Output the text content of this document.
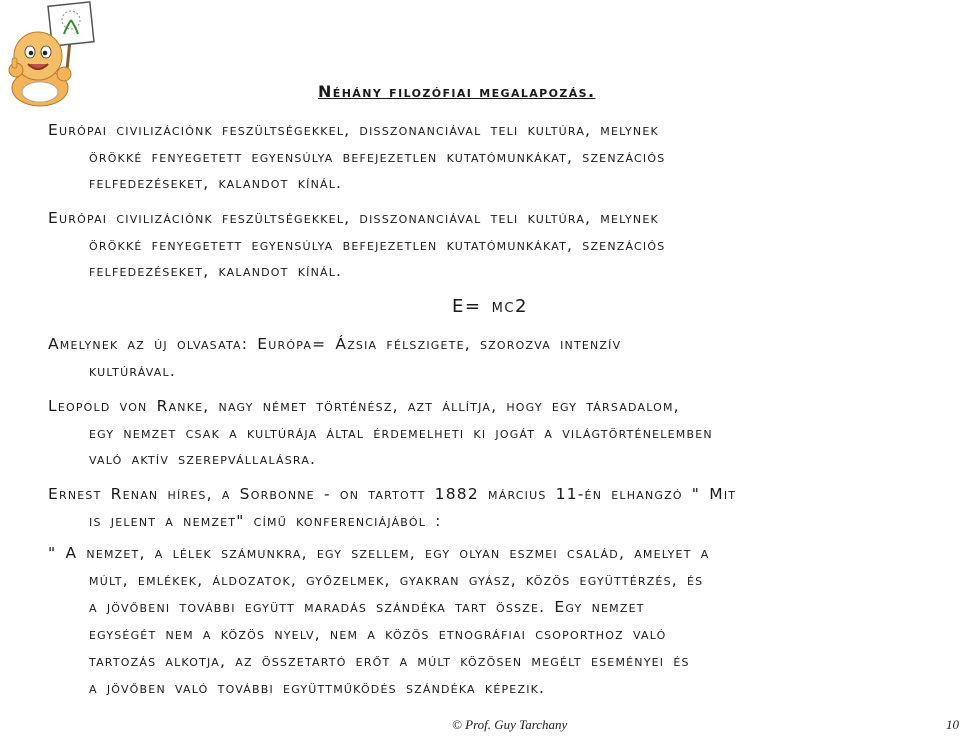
Néhány filozófiai megalapozás.
Európai civilizációnk feszültségekkel, disszonanciával teli kultúra, melynek
örökké fenyegetett egyensúlya befejezetlen kutatómunkákat, szenzációs
felfedezéseket, kalandot kínál.
Európai civilizációnk feszültségekkel, disszonanciával teli kultúra, melynek
örökké fenyegetett egyensúlya befejezetlen kutatómunkákat, szenzációs
felfedezéseket, kalandot kínál.
E= mc2
Amelynek az új olvasata: Európa= Ázsia félszigete, szorozva intenzív
kultúrával.
Leopold von Ranke, nagy német történész, azt állítja, hogy egy társadalom,
egy nemzet csak a kultúrája által érdemelheti ki jogát a világtörténelemben
való aktív szerepvállalásra.
Ernest Renan híres, a Sorbonne - on tartott 1882 március 11-én elhangzó " Mit
is jelent a nemzet" című konferenciájából :
" A nemzet, a lélek számunkra, egy szellem, egy olyan eszmei család, amelyet a
múlt, emlékek, áldozatok, győzelmek, gyakran gyász, közös együttérzés, és
a jövőbeni további együtt maradás szándéka tart össze. Egy nemzet
egységét nem a közös nyelv, nem a közös etnográfiai csoporthoz való
tartozás alkotja, az összetartó erőt a múlt közösen megélt eseményei és
a jövőben való további együttműködés szándéka képezik.
© Prof. Guy Tarchany	10
